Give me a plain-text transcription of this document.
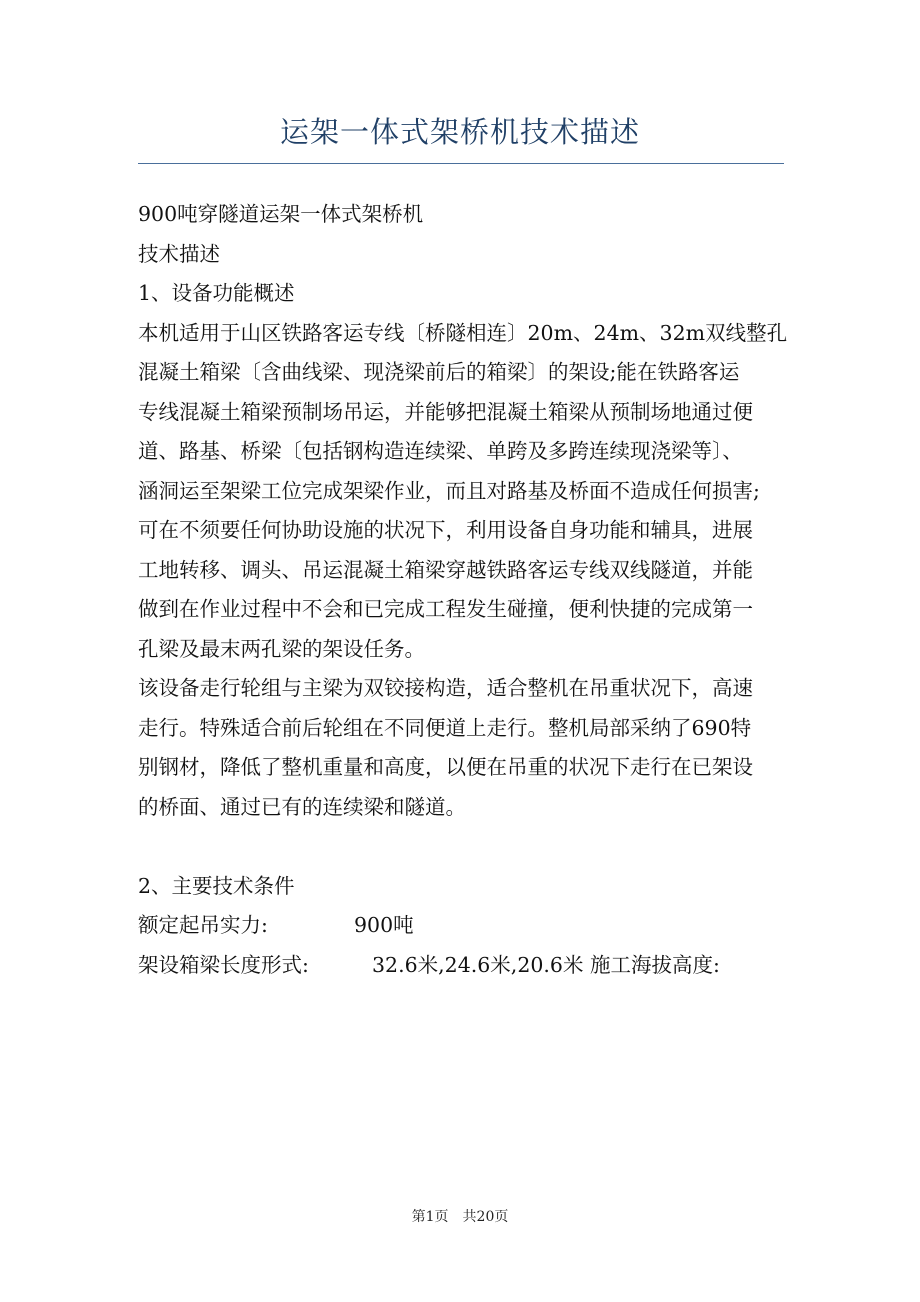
运架一体式架桥机技术描述

900吨穿隧道运架一体式架桥机

技术描述

1、设备功能概述

本机适用于山区铁路客运专线〔桥隧相连〕20m、24m、32m双线整孔

混凝土箱梁〔含曲线梁、现浇梁前后的箱梁〕的架设;能在铁路客运

专线混凝土箱梁预制场吊运，并能够把混凝土箱梁从预制场地通过便

道、路基、桥梁〔包括钢构造连续梁、单跨及多跨连续现浇梁等〕、

涵洞运至架梁工位完成架梁作业，而且对路基及桥面不造成任何损害;

可在不须要任何协助设施的状况下，利用设备自身功能和辅具，进展

工地转移、调头、吊运混凝土箱梁穿越铁路客运专线双线隧道，并能

做到在作业过程中不会和已完成工程发生碰撞，便利快捷的完成第一

孔梁及最末两孔梁的架设任务。

该设备走行轮组与主梁为双铰接构造，适合整机在吊重状况下，高速

走行。特殊适合前后轮组在不同便道上走行。整机局部采纳了690特

别钢材，降低了整机重量和高度，以便在吊重的状况下走行在已架设

的桥面、通过已有的连续梁和隧道。

2、主要技术条件

额定起吊实力:	900吨

架设箱梁长度形式:	32.6米,24.6米,20.6米 施工海拔高度:

第1页　共20页
